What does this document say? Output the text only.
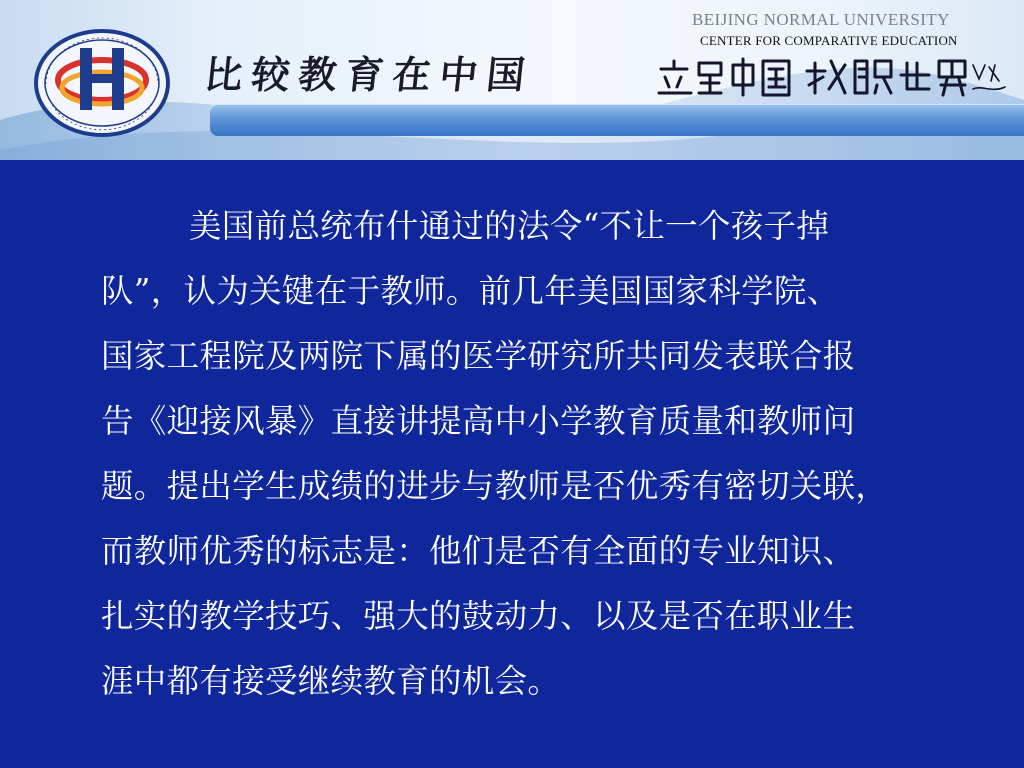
比较教育在中国
BEIJING NORMAL UNIVERSITY
CENTER FOR COMPARATIVE EDUCATION
美国前总统布什通过的法令“不让一个孩子掉
队”，认为关键在于教师。前几年美国国家科学院、
国家工程院及两院下属的医学研究所共同发表联合报
告《迎接风暴》直接讲提高中小学教育质量和教师问
题。提出学生成绩的进步与教师是否优秀有密切关联，
而教师优秀的标志是：他们是否有全面的专业知识、
扎实的教学技巧、强大的鼓动力、以及是否在职业生
涯中都有接受继续教育的机会。
